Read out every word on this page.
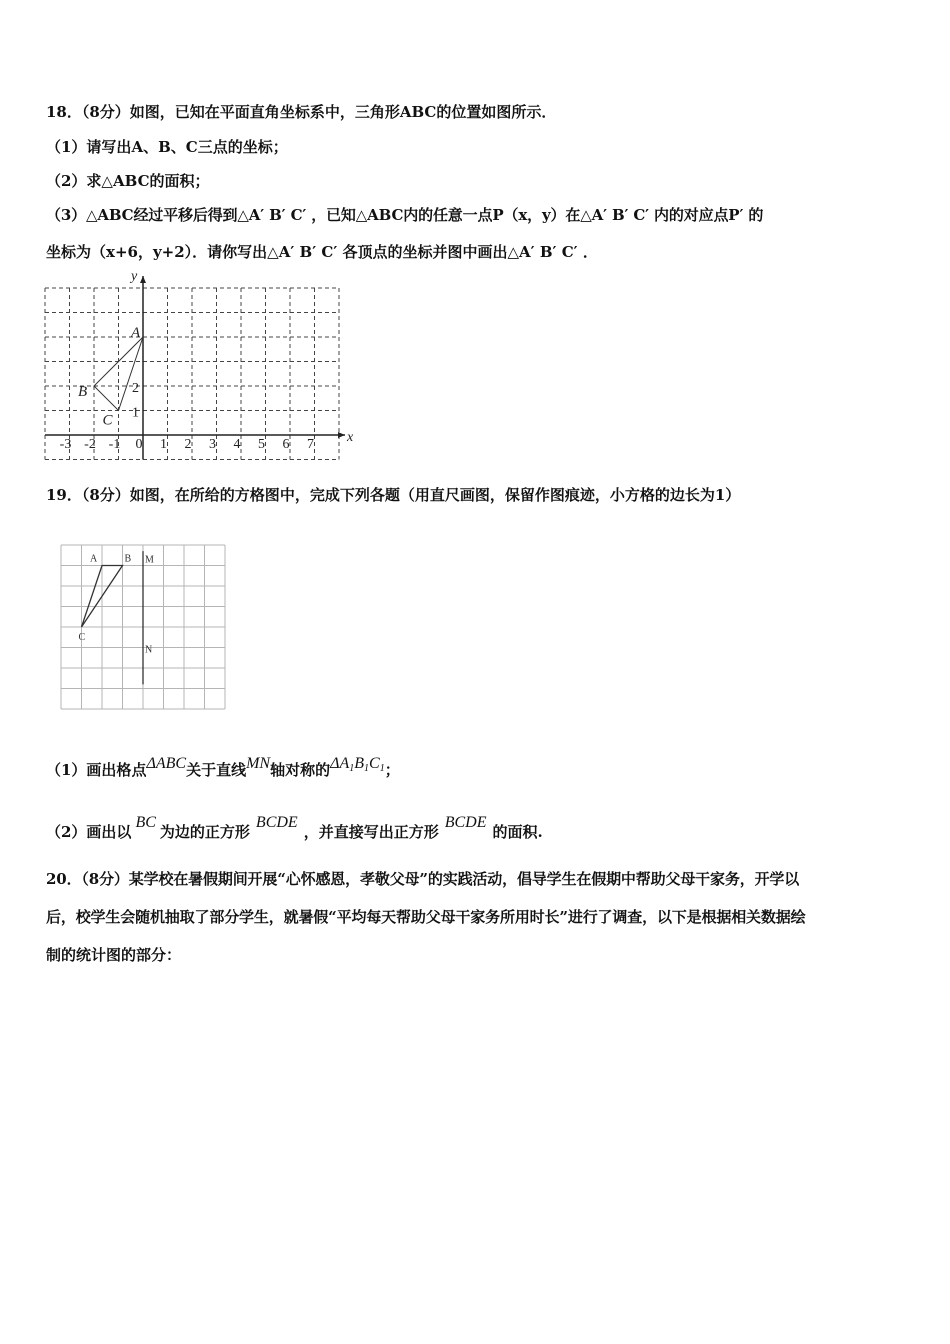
18．（8分）如图，已知在平面直角坐标系中，三角形ABC的位置如图所示．
（1）请写出A、B、C三点的坐标；
（2）求△ABC的面积；
（3）△ABC经过平移后得到△A′ B′ C′ ，已知△ABC内的任意一点P（x，y）在△A′ B′ C′ 内的对应点P′ 的
坐标为（x+6，y+2）．请你写出△A′ B′ C′ 各顶点的坐标并图中画出△A′ B′ C′ ．
-3 -2 -1 0 1 2 3 4 5 6 7
1
2
x
y
A
B
C
19．（8分）如图，在所给的方格图中，完成下列各题（用直尺画图，保留作图痕迹，小方格的边长为1）
A	B M
C
N
（1）画出格点ΔABC关于直线MN轴对称的$\Delta A_1B_1C_1$；
（2）画出以BC为边的正方形BCDE，并直接写出正方形BCDE的面积.
20．（8分）某学校在暑假期间开展“心怀感恩，孝敬父母”的实践活动，倡导学生在假期中帮助父母干家务，开学以
后，校学生会随机抽取了部分学生，就暑假“平均每天帮助父母干家务所用时长”进行了调查，以下是根据相关数据绘
制的统计图的部分：
